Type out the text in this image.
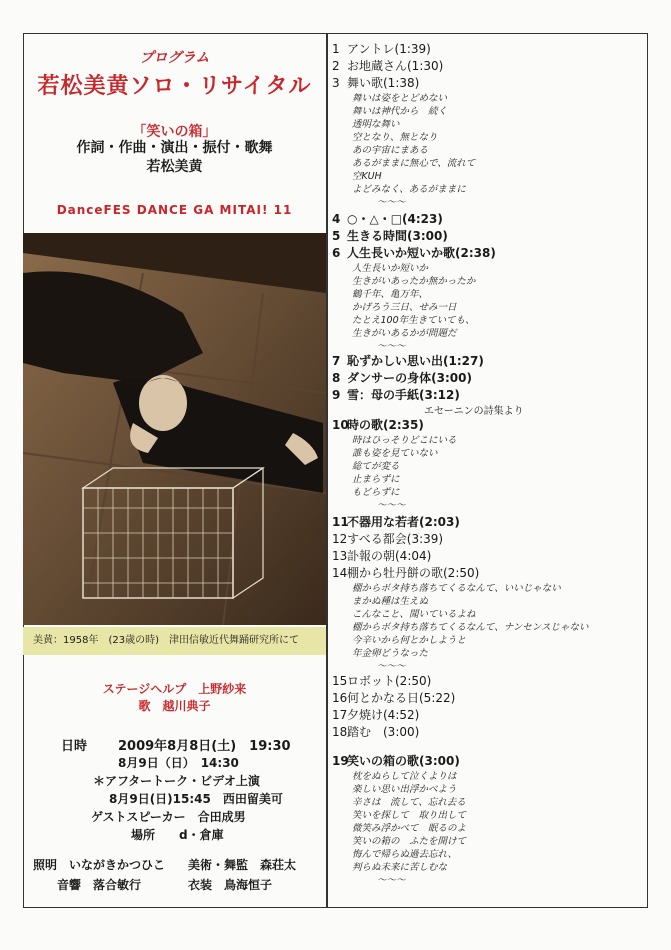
プログラム
若松美黄ソロ・リサイタル
「笑いの箱」
作詞・作曲・演出・振付・歌舞
若松美黄
DanceFES DANCE GA MITAI! 11
美黄：1958年　(23歳の時)　津田信敏近代舞踊研究所にて
ステージヘルプ　上野紗来
歌　越川典子
日時 2009年8月8日(土)　19:30
8月9日（日）　14:30
＊アフタートーク・ビデオ上演
8月9日(日)15:45　西田留美可
ゲストスピーカー　合田成男
場所　　d・倉庫
照明　いながきかつひこ 美術・舞監　森荘太
音響　落合敏行	衣装　鳥海恒子
1 アントレ(1:39)
2 お地蔵さん(1:30)
3 舞い歌(1:38)
舞いは姿をとどめない
舞いは神代から　続く
透明な舞い
空となり、無となり
あの宇宙にまある
あるがままに無心で、流れて
空KUH
よどみなく、あるがままに
～～～
4 ○・△・□(4:23)
5 生きる時間(3:00)
6 人生長いか短いか歌(2:38)
人生長いか短いか
生きがいあったか無かったか
鶴千年、亀万年、
かげろう三日、せみ一日
たとえ100年生きていても、
生きがいあるかが問題だ
～～～
7 恥ずかしい思い出(1:27)
8 ダンサーの身体(3:00)
9 雪：母の手紙(3:12)
エセーニンの詩集より
10時の歌(2:35)
時はひっそりどこにいる
誰も姿を見ていない
総てが変る
止まらずに
もどらずに
～～～
11不器用な若者(2:03)
12すべる都会(3:39)
13訃報の朝(4:04)
14棚から牡丹餅の歌(2:50)
棚からボタ持ち落ちてくるなんて、いいじゃない
まかぬ種は生えぬ
こんなこと、聞いているよね
棚からボタ持ち落ちてくるなんて、ナンセンスじゃない
今辛いから何とかしようと
年金卵どうなった
～～～
15ロボット(2:50)
16何とかなる日(5:22)
17夕焼け(4:52)
18踏む　(3:00)
19笑いの箱の歌(3:00)
枕をぬらして泣くよりは
楽しい思い出浮かべよう
辛さは　流して、忘れ去る
笑いを探して　取り出して
微笑み浮かべて　眠るのよ
笑いの箱の　ふたを開けて
悔んで帰らぬ過去忘れ、
判らぬ未来に苦しむな
～～～
